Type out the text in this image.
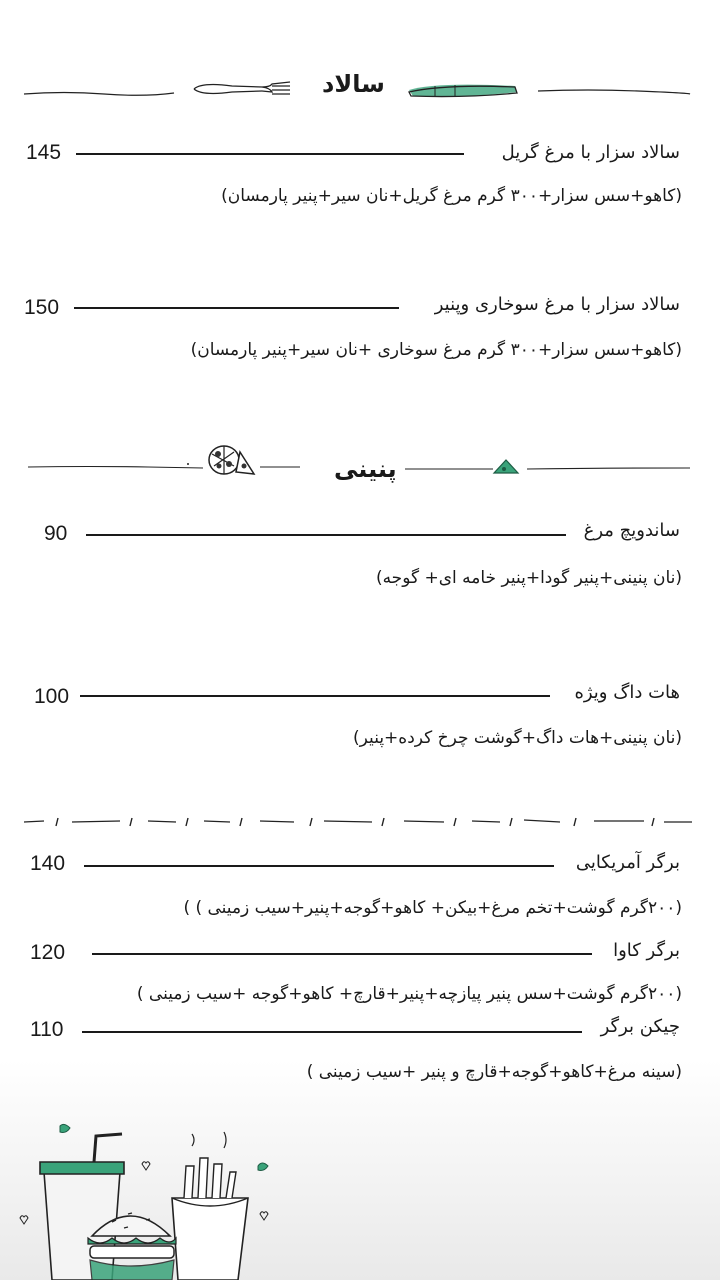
سالاد
145	سالاد سزار با مرغ گریل
(کاهو+سس سزار+۳۰۰ گرم مرغ گریل+نان سیر+پنیر پارمسان)
150	سالاد سزار با مرغ سوخاری وپنیر
(کاهو+سس سزار+۳۰۰ گرم مرغ سوخاری +نان سیر+پنیر پارمسان)
پنینی
90	ساندویچ مرغ
(نان پنینی+پنیر گودا+پنیر خامه ای+ گوجه)
100	هات داگ ویژه
(نان پنینی+هات داگ+گوشت چرخ کرده+پنیر)
140	برگر آمریکایی
(۲۰۰گرم گوشت+تخم مرغ+بیکن+ کاهو+گوجه+پنیر+سیب زمینی ) )
120	برگر کاوا
(۲۰۰گرم گوشت+سس پنیر پیازچه+پنیر+قارچ+ کاهو+گوجه +سیب زمینی )
110	چیکن برگر
(سینه مرغ+کاهو+گوجه+قارچ و پنیر +سیب زمینی )
